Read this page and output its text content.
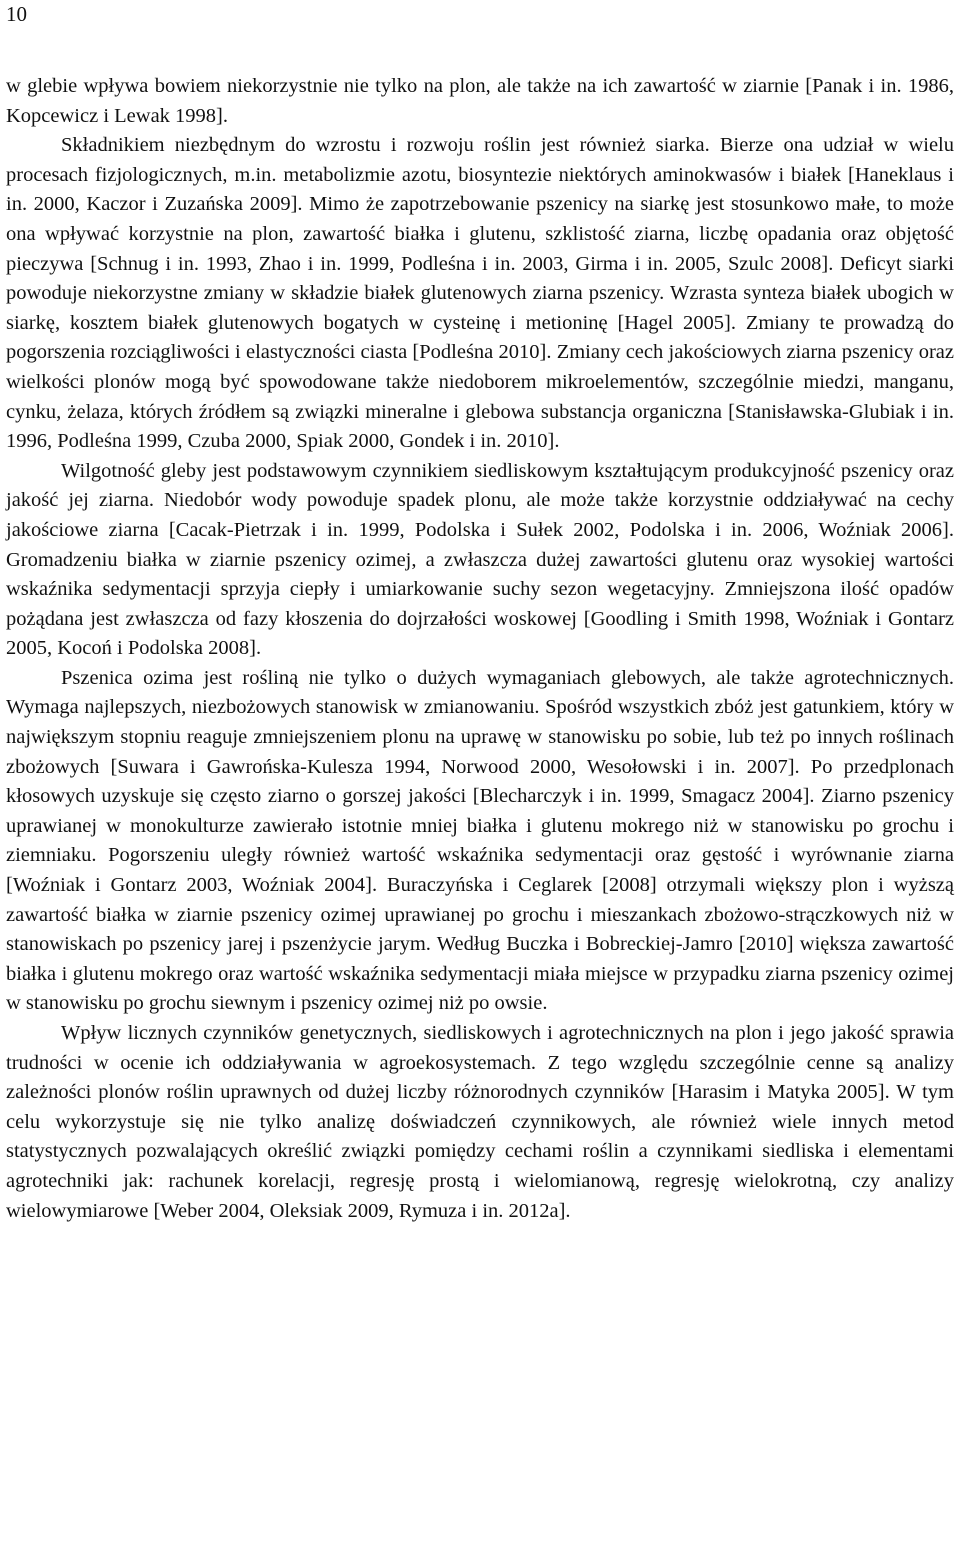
10

w glebie wpływa bowiem niekorzystnie nie tylko na plon, ale także na ich zawartość w ziarnie [Panak i in. 1986, Kopcewicz i Lewak 1998].

Składnikiem niezbędnym do wzrostu i rozwoju roślin jest również siarka. Bierze ona udział w wielu procesach fizjologicznych, m.in. metabolizmie azotu, biosyntezie niektórych aminokwasów i białek [Haneklaus i in. 2000, Kaczor i Zuzańska 2009]. Mimo że zapotrzebowanie pszenicy na siarkę jest stosunkowo małe, to może ona wpływać korzystnie na plon, zawartość białka i glutenu, szklistość ziarna, liczbę opadania oraz objętość pieczywa [Schnug i in. 1993, Zhao i in. 1999, Podleśna i in. 2003, Girma i in. 2005, Szulc 2008]. Deficyt siarki powoduje niekorzystne zmiany w składzie białek glutenowych ziarna pszenicy. Wzrasta synteza białek ubogich w siarkę, kosztem białek glutenowych bogatych w cysteinę i metioninę [Hagel 2005]. Zmiany te prowadzą do pogorszenia rozciągliwości i elastyczności ciasta [Podleśna 2010]. Zmiany cech jakościowych ziarna pszenicy oraz wielkości plonów mogą być spowodowane także niedoborem mikroelementów, szczególnie miedzi, manganu, cynku, żelaza, których źródłem są związki mineralne i glebowa substancja organiczna [Stanisławska-Glubiak i in. 1996, Podleśna 1999, Czuba 2000, Spiak 2000, Gondek i in. 2010].

Wilgotność gleby jest podstawowym czynnikiem siedliskowym kształtującym produkcyjność pszenicy oraz jakość jej ziarna. Niedobór wody powoduje spadek plonu, ale może także korzystnie oddziaływać na cechy jakościowe ziarna [Cacak-Pietrzak i in. 1999, Podolska i Sułek 2002, Podolska i in. 2006, Woźniak 2006]. Gromadzeniu białka w ziarnie pszenicy ozimej, a zwłaszcza dużej zawartości glutenu oraz wysokiej wartości wskaźnika sedymentacji sprzyja ciepły i umiarkowanie suchy sezon wegetacyjny. Zmniejszona ilość opadów pożądana jest zwłaszcza od fazy kłoszenia do dojrzałości woskowej [Goodling i Smith 1998, Woźniak i Gontarz 2005, Kocoń i Podolska 2008].

Pszenica ozima jest rośliną nie tylko o dużych wymaganiach glebowych, ale także agrotechnicznych. Wymaga najlepszych, niezbożowych stanowisk w zmianowaniu. Spośród wszystkich zbóż jest gatunkiem, który w największym stopniu reaguje zmniejszeniem plonu na uprawę w stanowisku po sobie, lub też po innych roślinach zbożowych [Suwara i Gawrońska-Kulesza 1994, Norwood 2000, Wesołowski i in. 2007]. Po przedplonach kłosowych uzyskuje się często ziarno o gorszej jakości [Blecharczyk i in. 1999, Smagacz 2004]. Ziarno pszenicy uprawianej w monokulturze zawierało istotnie mniej białka i glutenu mokrego niż w stanowisku po grochu i ziemniaku. Pogorszeniu uległy również wartość wskaźnika sedymentacji oraz gęstość i wyrównanie ziarna [Woźniak i Gontarz 2003, Woźniak 2004]. Buraczyńska i Ceglarek [2008] otrzymali większy plon i wyższą zawartość białka w ziarnie pszenicy ozimej uprawianej po grochu i mieszankach zbożowo-strączkowych niż w stanowiskach po pszenicy jarej i pszenżycie jarym. Według Buczka i Bobreckiej-Jamro [2010] większa zawartość białka i glutenu mokrego oraz wartość wskaźnika sedymentacji miała miejsce w przypadku ziarna pszenicy ozimej w stanowisku po grochu siewnym i pszenicy ozimej niż po owsie.

Wpływ licznych czynników genetycznych, siedliskowych i agrotechnicznych na plon i jego jakość sprawia trudności w ocenie ich oddziaływania w agroekosystemach. Z tego względu szczególnie cenne są analizy zależności plonów roślin uprawnych od dużej liczby różnorodnych czynników [Harasim i Matyka 2005]. W tym celu wykorzystuje się nie tylko analizę doświadczeń czynnikowych, ale również wiele innych metod statystycznych pozwalających określić związki pomiędzy cechami roślin a czynnikami siedliska i elementami agrotechniki jak: rachunek korelacji, regresję prostą i wielomianową, regresję wielokrotną, czy analizy wielowymiarowe [Weber 2004, Oleksiak 2009, Rymuza i in. 2012a].
